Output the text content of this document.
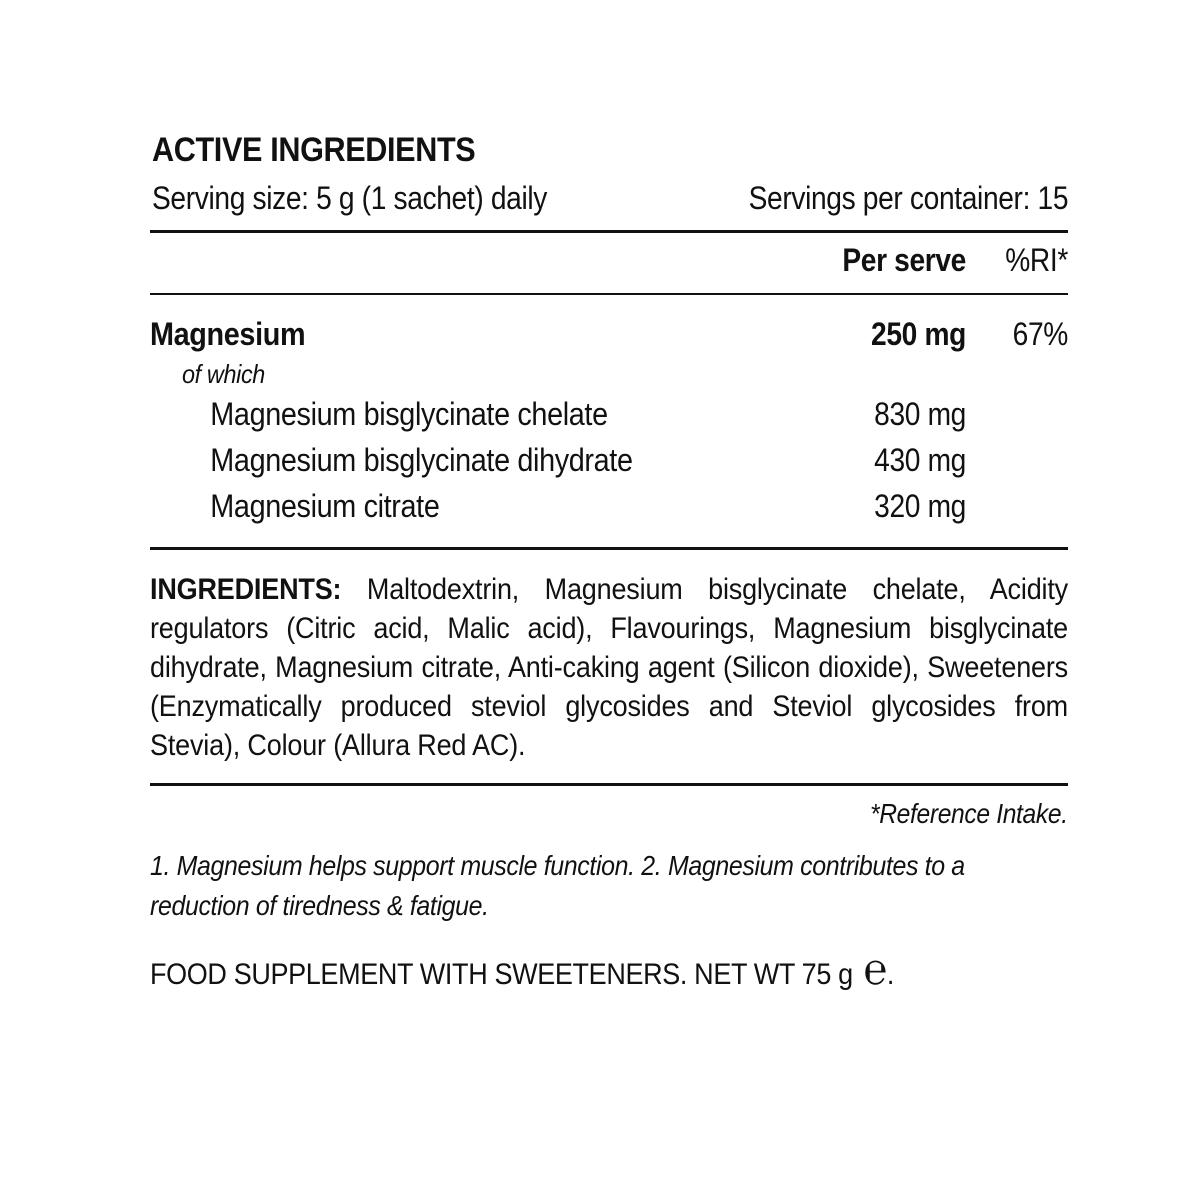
ACTIVE INGREDIENTS
Serving size: 5 g (1 sachet) daily	Servings per container: 15
Per serve	%RI*
Magnesium	250 mg	67%
of which
Magnesium bisglycinate chelate	830 mg
Magnesium bisglycinate dihydrate	430 mg
Magnesium citrate	320 mg
INGREDIENTS: Maltodextrin, Magnesium bisglycinate chelate, Acidity regulators (Citric acid, Malic acid), Flavourings, Magnesium bisglycinate dihydrate, Magnesium citrate, Anti-caking agent (Silicon dioxide), Sweeteners (Enzymatically produced steviol glycosides and Steviol glycosides from Stevia), Colour (Allura Red AC).
*Reference Intake.
1. Magnesium helps support muscle function. 2. Magnesium contributes to a reduction of tiredness & fatigue.
FOOD SUPPLEMENT WITH SWEETENERS. NET WT 75 g ℮.
